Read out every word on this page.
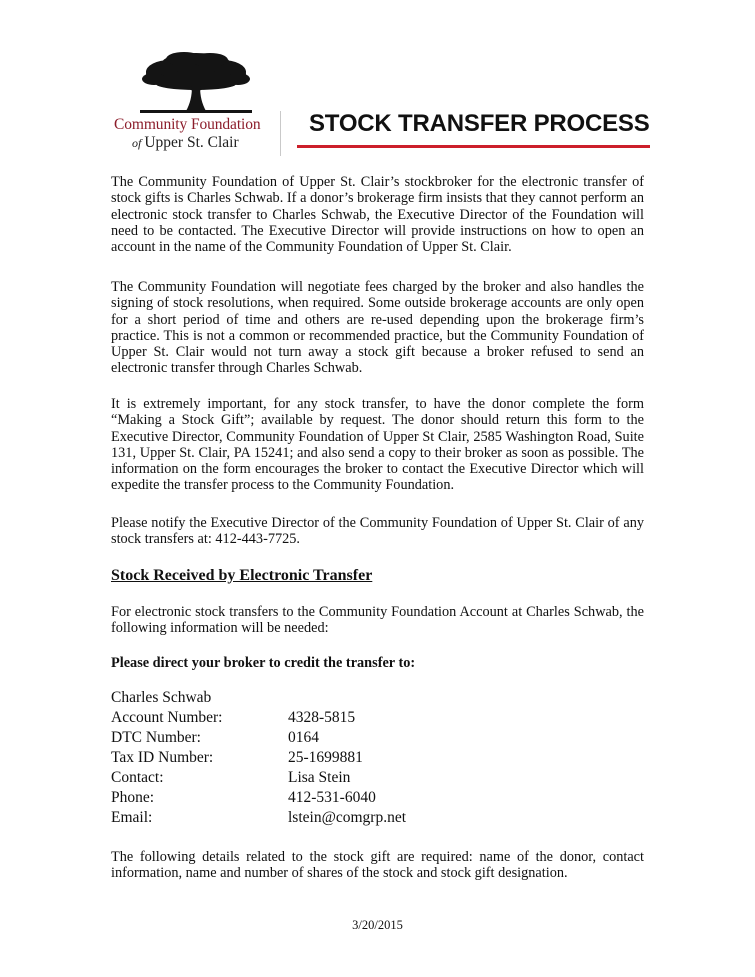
Community Foundation
of Upper St. Clair
STOCK TRANSFER PROCESS

The Community Foundation of Upper St. Clair’s stockbroker for the electronic transfer of stock gifts is Charles Schwab. If a donor’s brokerage firm insists that they cannot perform an electronic stock transfer to Charles Schwab, the Executive Director of the Foundation will need to be contacted. The Executive Director will provide instructions on how to open an account in the name of the Community Foundation of Upper St. Clair.

The Community Foundation will negotiate fees charged by the broker and also handles the signing of stock resolutions, when required. Some outside brokerage accounts are only open for a short period of time and others are re-used depending upon the brokerage firm’s practice. This is not a common or recommended practice, but the Community Foundation of Upper St. Clair would not turn away a stock gift because a broker refused to send an electronic transfer through Charles Schwab.

It is extremely important, for any stock transfer, to have the donor complete the form “Making a Stock Gift”; available by request. The donor should return this form to the Executive Director, Community Foundation of Upper St Clair, 2585 Washington Road, Suite 131, Upper St. Clair, PA 15241; and also send a copy to their broker as soon as possible. The information on the form encourages the broker to contact the Executive Director which will expedite the transfer process to the Community Foundation.

Please notify the Executive Director of the Community Foundation of Upper St. Clair of any stock transfers at: 412-443-7725.

Stock Received by Electronic Transfer

For electronic stock transfers to the Community Foundation Account at Charles Schwab, the following information will be needed:

Please direct your broker to credit the transfer to:
Charles Schwab
Account Number:	4328-5815
DTC Number:	0164
Tax ID Number:	25-1699881
Contact:	Lisa Stein
Phone:	412-531-6040
Email:	lstein@comgrp.net

The following details related to the stock gift are required: name of the donor, contact information, name and number of shares of the stock and stock gift designation.

3/20/2015
